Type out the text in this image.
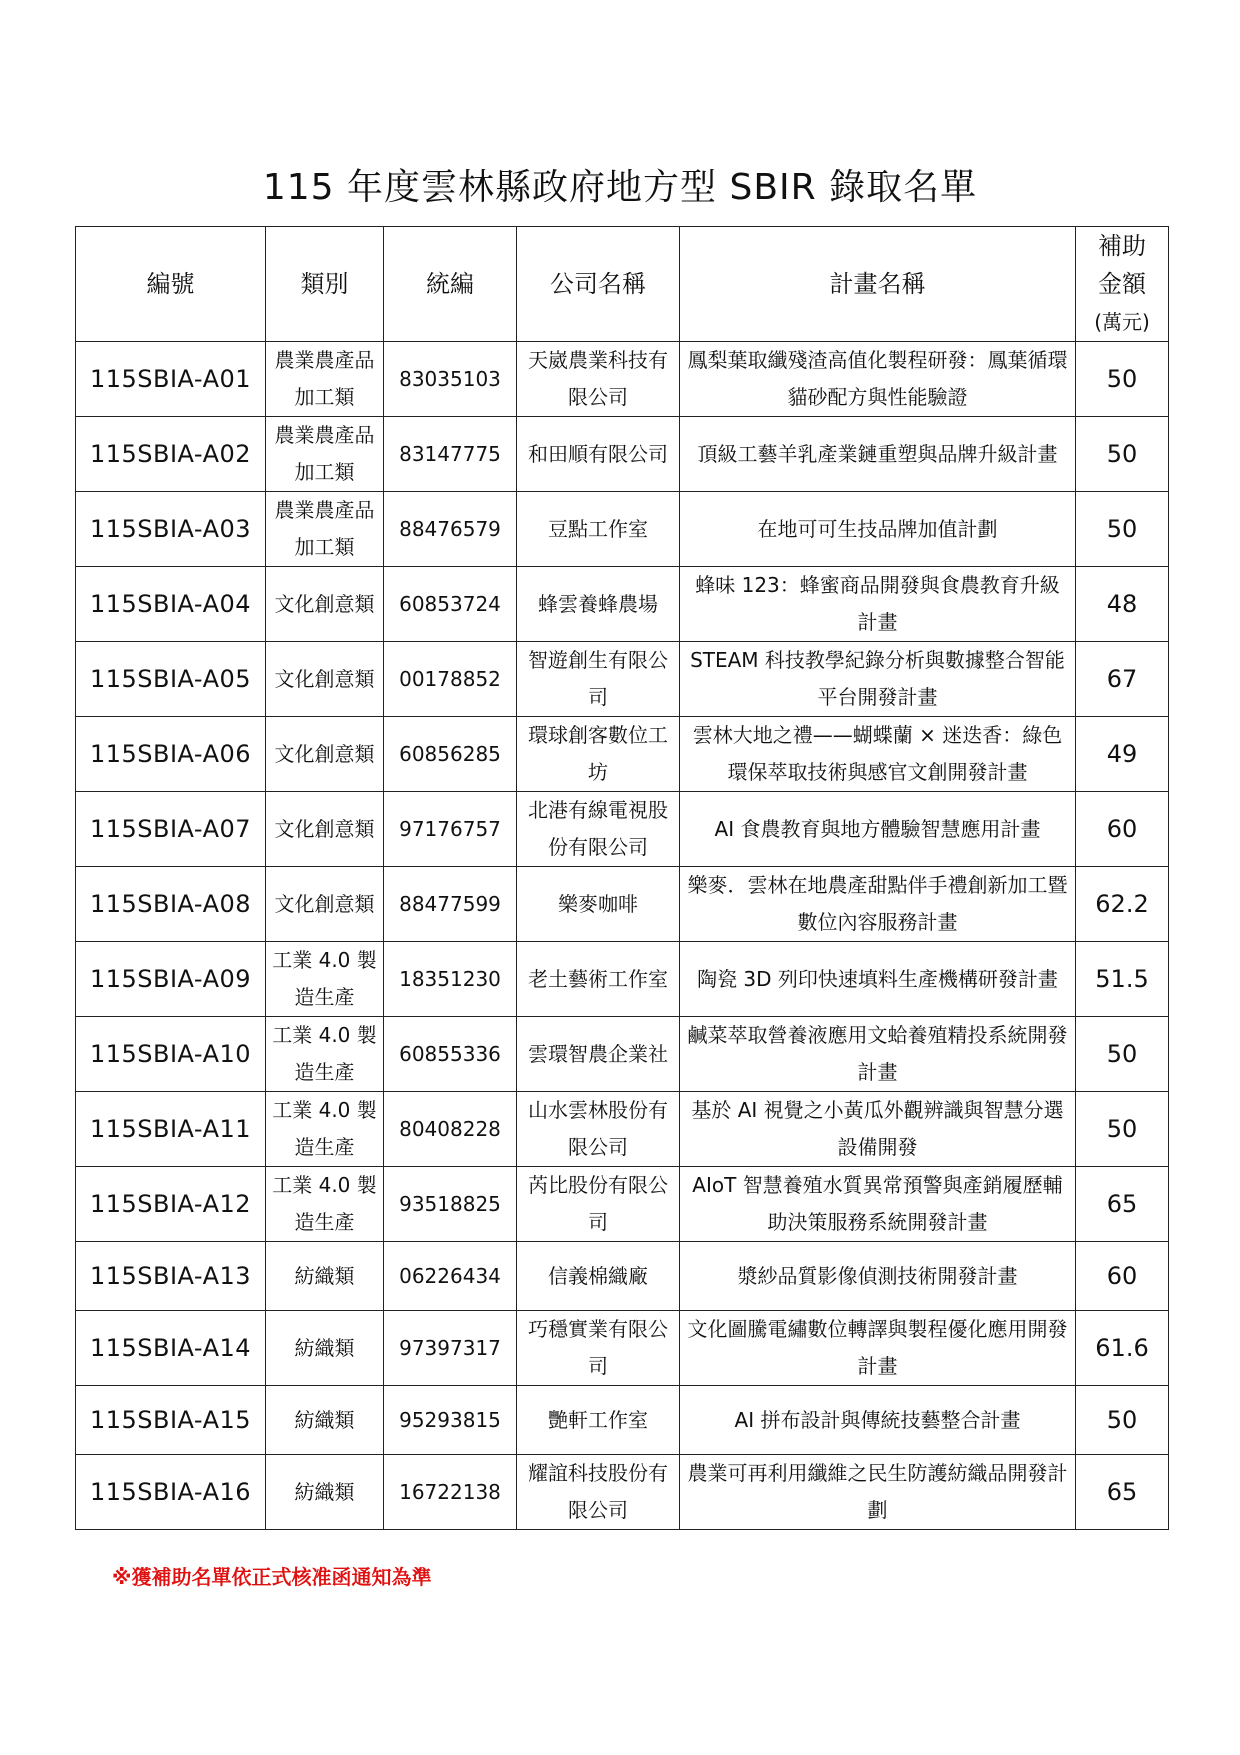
115 年度雲林縣政府地方型 SBIR 錄取名單
編號	類別	統編	公司名稱	計畫名稱	補助
金額
(萬元)

115SBIA-A01	農業農產品加工類	83035103	天崴農業科技有限公司	鳳梨葉取纖殘渣高值化製程研發：鳳葉循環貓砂配方與性能驗證	50
115SBIA-A02	農業農產品加工類	83147775	和田順有限公司	頂級工藝羊乳產業鏈重塑與品牌升級計畫	50
115SBIA-A03	農業農產品加工類	88476579	豆點工作室	在地可可生技品牌加值計劃	50
115SBIA-A04	文化創意類	60853724	蜂雲養蜂農場	蜂味 123：蜂蜜商品開發與食農教育升級計畫	48
115SBIA-A05	文化創意類	00178852	智遊創生有限公司	STEAM 科技教學紀錄分析與數據整合智能平台開發計畫	67
115SBIA-A06	文化創意類	60856285	環球創客數位工坊	雲林大地之禮——蝴蝶蘭 × 迷迭香：綠色環保萃取技術與感官文創開發計畫	49
115SBIA-A07	文化創意類	97176757	北港有線電視股份有限公司	AI 食農教育與地方體驗智慧應用計畫	60
115SBIA-A08	文化創意類	88477599	樂麥咖啡	樂麥．雲林在地農產甜點伴手禮創新加工暨數位內容服務計畫	62.2
115SBIA-A09	工業 4.0 製造生產	18351230	老土藝術工作室	陶瓷 3D 列印快速填料生產機構研發計畫	51.5
115SBIA-A10	工業 4.0 製造生產	60855336	雲環智農企業社	鹹菜萃取營養液應用文蛤養殖精投系統開發計畫	50
115SBIA-A11	工業 4.0 製造生產	80408228	山水雲林股份有限公司	基於 AI 視覺之小黃瓜外觀辨識與智慧分選設備開發	50
115SBIA-A12	工業 4.0 製造生產	93518825	芮比股份有限公司	AIoT 智慧養殖水質異常預警與產銷履歷輔助決策服務系統開發計畫	65
115SBIA-A13	紡織類	06226434	信義棉織廠	漿紗品質影像偵測技術開發計畫	60
115SBIA-A14	紡織類	97397317	巧穩實業有限公司	文化圖騰電繡數位轉譯與製程優化應用開發計畫	61.6
115SBIA-A15	紡織類	95293815	艷軒工作室	AI 拼布設計與傳統技藝整合計畫	50
115SBIA-A16	紡織類	16722138	耀誼科技股份有限公司	農業可再利用纖維之民生防護紡織品開發計劃	65
※獲補助名單依正式核准函通知為準
